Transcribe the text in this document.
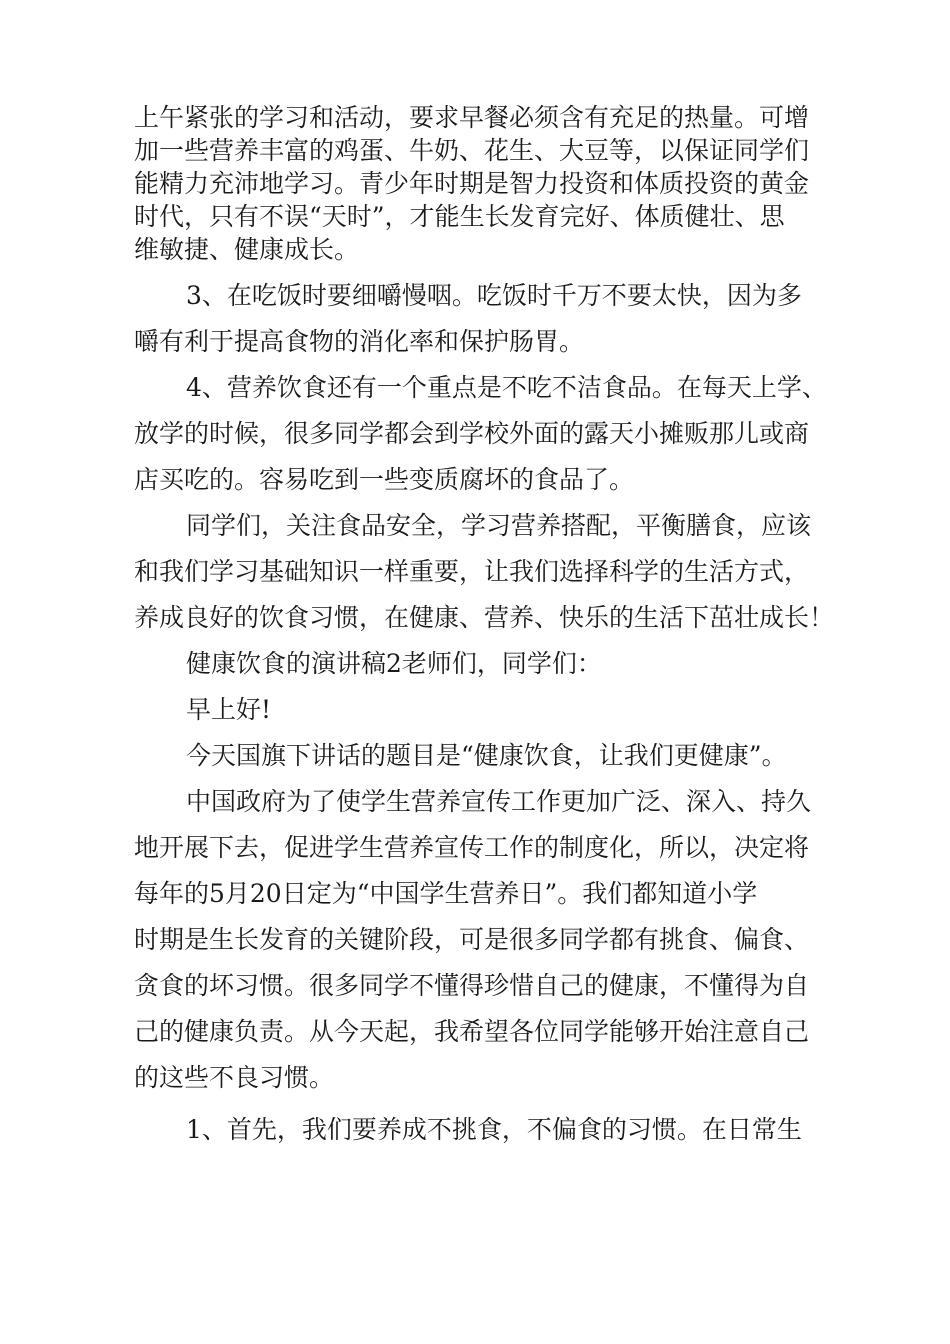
上午紧张的学习和活动，要求早餐必须含有充足的热量。可增

加一些营养丰富的鸡蛋、牛奶、花生、大豆等，以保证同学们

能精力充沛地学习。青少年时期是智力投资和体质投资的黄金

时代，只有不误“天时”，才能生长发育完好、体质健壮、思

维敏捷、健康成长。

3、在吃饭时要细嚼慢咽。吃饭时千万不要太快，因为多

嚼有利于提高食物的消化率和保护肠胃。

4、营养饮食还有一个重点是不吃不洁食品。在每天上学、

放学的时候，很多同学都会到学校外面的露天小摊贩那儿或商

店买吃的。容易吃到一些变质腐坏的食品了。

同学们，关注食品安全，学习营养搭配，平衡膳食，应该

和我们学习基础知识一样重要，让我们选择科学的生活方式，

养成良好的饮食习惯，在健康、营养、快乐的生活下茁壮成长！

健康饮食的演讲稿2老师们，同学们：

早上好!

今天国旗下讲话的题目是“健康饮食，让我们更健康”。

中国政府为了使学生营养宣传工作更加广泛、深入、持久

地开展下去，促进学生营养宣传工作的制度化，所以，决定将

每年的5月20日定为“中国学生营养日”。我们都知道小学

时期是生长发育的关键阶段，可是很多同学都有挑食、偏食、

贪食的坏习惯。很多同学不懂得珍惜自己的健康，不懂得为自

己的健康负责。从今天起，我希望各位同学能够开始注意自己

的这些不良习惯。

1、首先，我们要养成不挑食，不偏食的习惯。在日常生
